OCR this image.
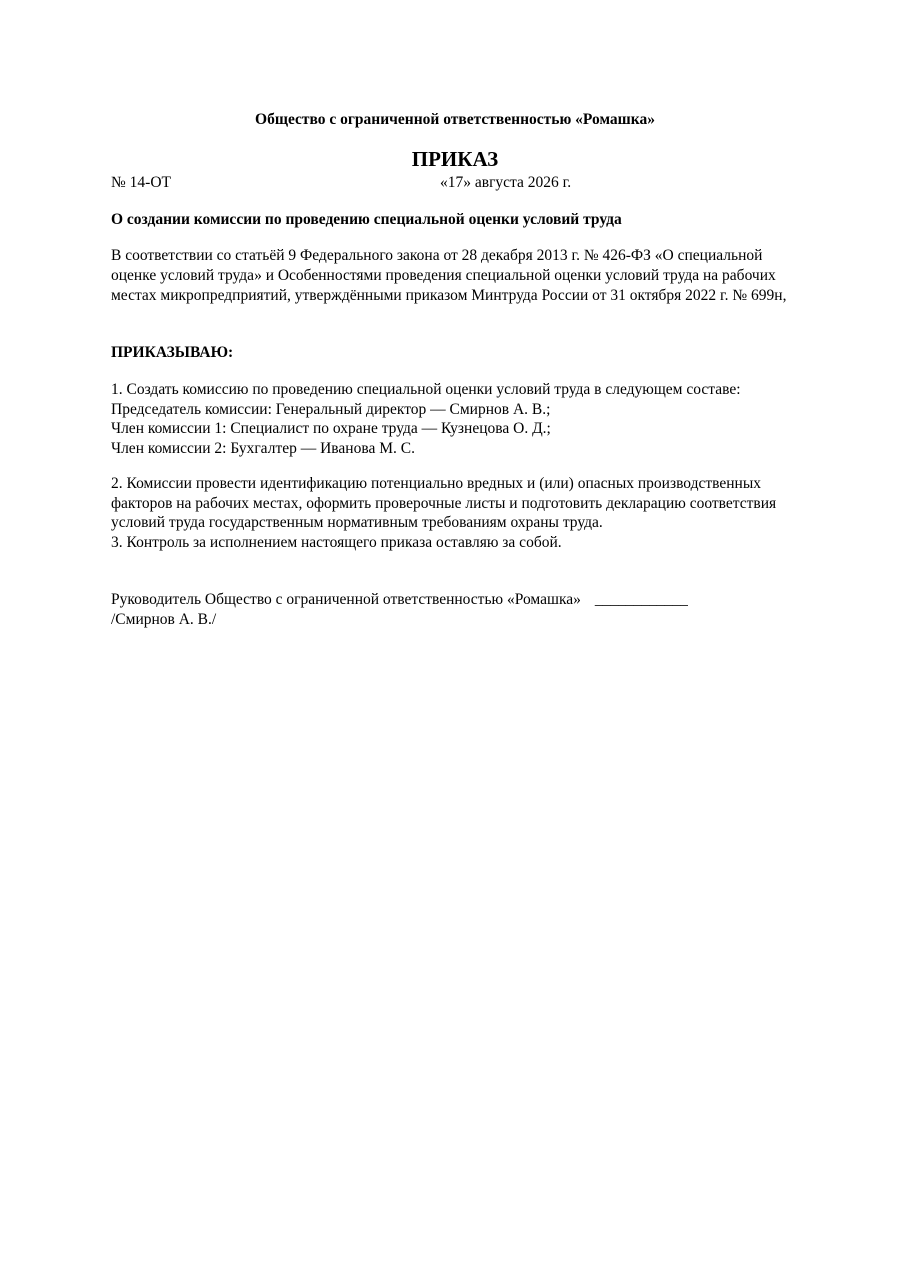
Общество с ограниченной ответственностью «Ромашка»
ПРИКАЗ
№ 14-ОТ	«17» августа 2026 г.
О создании комиссии по проведению специальной оценки условий труда
В соответствии со статьёй 9 Федерального закона от 28 декабря 2013 г. № 426-ФЗ «О специальной оценке условий труда» и Особенностями проведения специальной оценки условий труда на рабочих местах микропредприятий, утверждёнными приказом Минтруда России от 31 октября 2022 г. № 699н,
ПРИКАЗЫВАЮ:
1. Создать комиссию по проведению специальной оценки условий труда в следующем составе:
Председатель комиссии: Генеральный директор — Смирнов А. В.;
Член комиссии 1: Специалист по охране труда — Кузнецова О. Д.;
Член комиссии 2: Бухгалтер — Иванова М. С.
2. Комиссии провести идентификацию потенциально вредных и (или) опасных производственных факторов на рабочих местах, оформить проверочные листы и подготовить декларацию соответствия условий труда государственным нормативным требованиям охраны труда.
3. Контроль за исполнением настоящего приказа оставляю за собой.
Руководитель Общество с ограниченной ответственностью «Ромашка» ____________
/Смирнов А. В./
